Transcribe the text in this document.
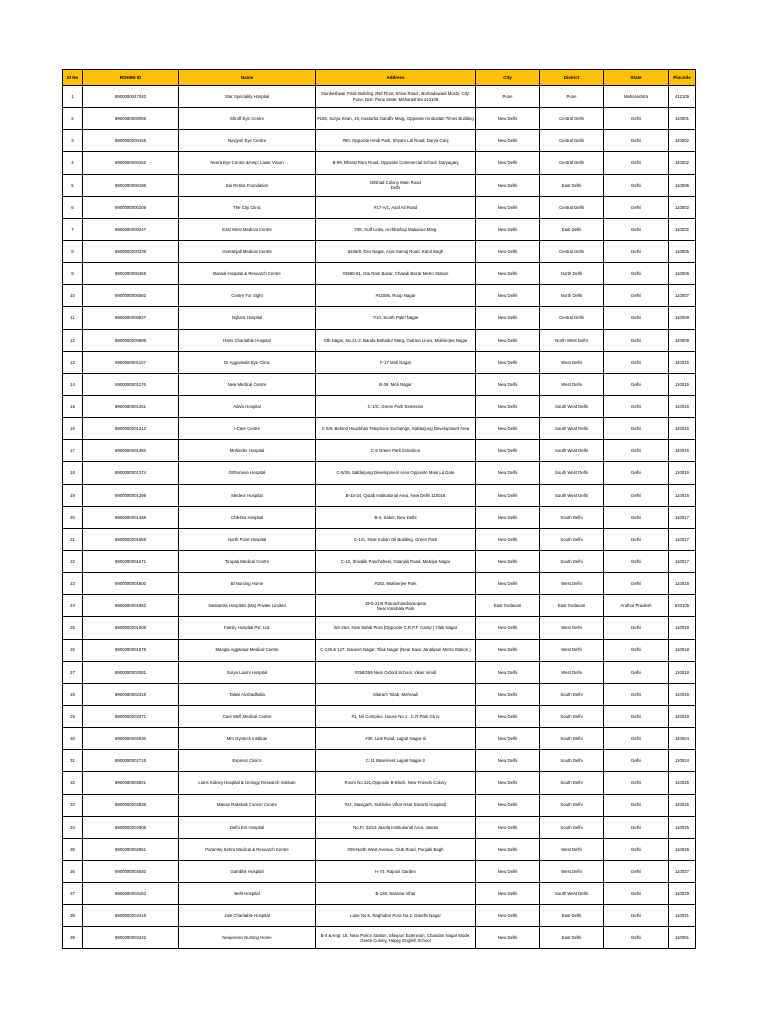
Sl No	ROHINI ID	Name	Address	City	District	State	Pincode
1	8900080047043	Star Speciality Hospital	Stonkeshwar Pride Building 2Nd Floor, Shiva Road , Borhadewadi Moshi, City: Pune, Dist: Pune State: Maharashtra 412105	Pune	Pune	Maharashtra	412105
2	8900080000056	Shroff Eye Centre	#105, Surya Kiran, 19, Kasturba Gandhi Marg, Opposite Hindustan Times Building	New Delhi	Central Delhi	Delhi	110001
3	8900080000155	Navjyoti Eye Centre	#90, Opposite Hindi Park, Shyam Lal Road, Darya Ganj	New Delhi	Central Delhi	Delhi	110002
4	8900080000162	Neera Eye Centre &Amp; Laser Vision	B-99, Bharat Ram Road, Opposite Commercial School, Daryaganj	New Delhi	Central Delhi	Delhi	110002
5	8900080000186	Sai Retina Foundation	Dilshad Colony Main Road
Delhi	New Delhi	East Delhi	Delhi	110095
6	8900080000209	The City Clinic	#17-A/1, Asaf Ali Road	New Delhi	Central Delhi	Delhi	110002
7	8900080000247	East West Medical Centre	#38, Golf Links, Archbishop Makarios Marg	New Delhi	East Delhi	Delhi	110032
8	8900080000339	Geetanjali Medical Centre	6426/8, Dev Nagar, Arya Samaj Road, Karol Bagh	New Delhi	Central Delhi	Delhi	110005
9	8900080000469	Bansal Hospital & Research Centre	#3590-91, Gta Ram Bazar, Chawdi Bazar Metro Station	New Delhi	North Delhi	Delhi	110006
10	8900080000582	Centre For Sight	#42006, Roop Nagar	New Delhi	North Delhi	Delhi	110007
11	8900080000827	Nijhara Hospital	7/10, South Patel Nagar	New Delhi	Central Delhi	Delhi	110008
12	8900080000889	Hans Charitable Hospital	Gtb Nagar, No.21-2, Banda Bahadur Marg, Outram Lines, Mukherjee Nagar	New Delhi	North West Delhi	Delhi	110009
13	8900080001107	Dr Aggarwals Eye Clinic	F-17 Moti Nagar	New Delhi	West Delhi	Delhi	110015
14	8900080001176	New Medical Centre	B-39, Moti Nagar	New Delhi	West Delhi	Delhi	110015
15	8900080001251	Adiva Hospital	C-1/C, Green Park Extension	New Delhi	South West Delhi	Delhi	110016
16	8900080001312	I-Care Centre	C 6/9, Behind Hauzkhas Telephone Exchange, Safdarjung Development Area	New Delhi	South West Delhi	Delhi	110016
17	8900080001350	Mohinder Hospital	C-5 Green Park Extention	New Delhi	South West Delhi	Delhi	110016
18	8900080001374	Orthonova Hospital	C-5/29, Safdarjung Development Area Opposite Main Lit Gate	New Delhi	South West Delhi	Delhi	110016
19	8900080001398	Medeor Hospital	B-33-34, Qutab Institutional Area, New Delhi 110016	New Delhi	South West Delhi	Delhi	110016
20	8900080001466	Chikitsa Hospital	B-4, Saket, New Delhi	New Delhi	South Delhi	Delhi	110017
21	8900080001558	North Point Hospital	C-1/C, Near Indian Oil Building, Green Park	New Delhi	South Delhi	Delhi	110017
22	8900080001671	Tirupati Medical Centre	C-10, Shivalik Panchsheel, Gitanjali Road, Malviya Nagar	New Delhi	South Delhi	Delhi	110017
23	8900080001800	Bl Nursing Home	#182, Mukherjee Park	New Delhi	West Delhi	Delhi	110018
24	8900080001862	Swatantra Hospitals (Ms) Private Limited	19-5-21/6 Ramachandraraopeta
Near Kambala Park	East Godavari	East Godavari	Andhra Pradesh	533105
25	8900080001909	Family Hospital Pvt. Ltd.	Wz-26A, New Sahib Pura (Opposite C.R.P.F. Camp ) Tilak Nagar	New Delhi	West Delhi	Delhi	110018
26	8900080001978	Mangla Aggarwal Medical Centre	C-126 & 127, Ganesh Nagar, Tilak Nagar (Near Eace Janakpuri Metro Station )	New Delhi	West Delhi	Delhi	110018
27	8900080002081	Surya Laxmi Hospital	#258/259 Near Oxford School, Vikas Vendi	New Delhi	West Delhi	Delhi	110018
28	8900080002319	Talasi Aushadhalia	Sitaram Tolab, Mehrauli	New Delhi	South Delhi	Delhi	110019
29	8900080002371	Care Well Medical Centre	#1, Nri Complex, House No 1 . C.R Park Gk Iv	New Delhi	South Delhi	Delhi	110019
30	8900080002630	Mm Gyntech Institute	#30, Link Road, Lajpat Nagar-Iii	New Delhi	South Delhi	Delhi	110024
31	8900080002715	Express Clinics	C-11 Basement Lajpat Nagar-2	New Delhi	South Delhi	Delhi	110024
32	8900080002821	Lions Kidney Hospital & Urology Research Institute	Room No.121,Opposite B-Block, New Friends Colony	New Delhi	South Delhi	Delhi	110025
33	8900080002838	Manav Rakshak Cancer Centre	#21, Maxigarh, Sukhdev Vihar Near Escorts Hospital)	New Delhi	South Delhi	Delhi	110025
34	8900080002906	Delhi Ent Hospital	No.Fc 33/13 Jasola Institutional Area, Jasola	New Delhi	South Delhi	Delhi	110025
35	8900080002951	Paramtej Sehra Medical & Research Centre	#29-North West Avenue, Club Road, Punjabi Bagh	New Delhi	West Delhi	Delhi	110026
36	8900080003040	Gambhir Hospital	H-74, Rajouri Garden	New Delhi	West Delhi	Delhi	110027
37	8900080003163	Behl Hospital	B-128, Naraina Vihar	New Delhi	South West Delhi	Delhi	110028
38	8900080003415	Jain Charitable Hospital	Lane No.5, Raghubar Pura No.2, Gandhi Nagar	New Delhi	East Delhi	Delhi	110031
39	8900080003422	Neujeevan Nursing Home	B-4 &Amp; 15, Near Police Station, Shivpuri Extension, Chandan Nagar Mode, Geeta Colony, Happy English School	New Delhi	East Delhi	Delhi	110051
